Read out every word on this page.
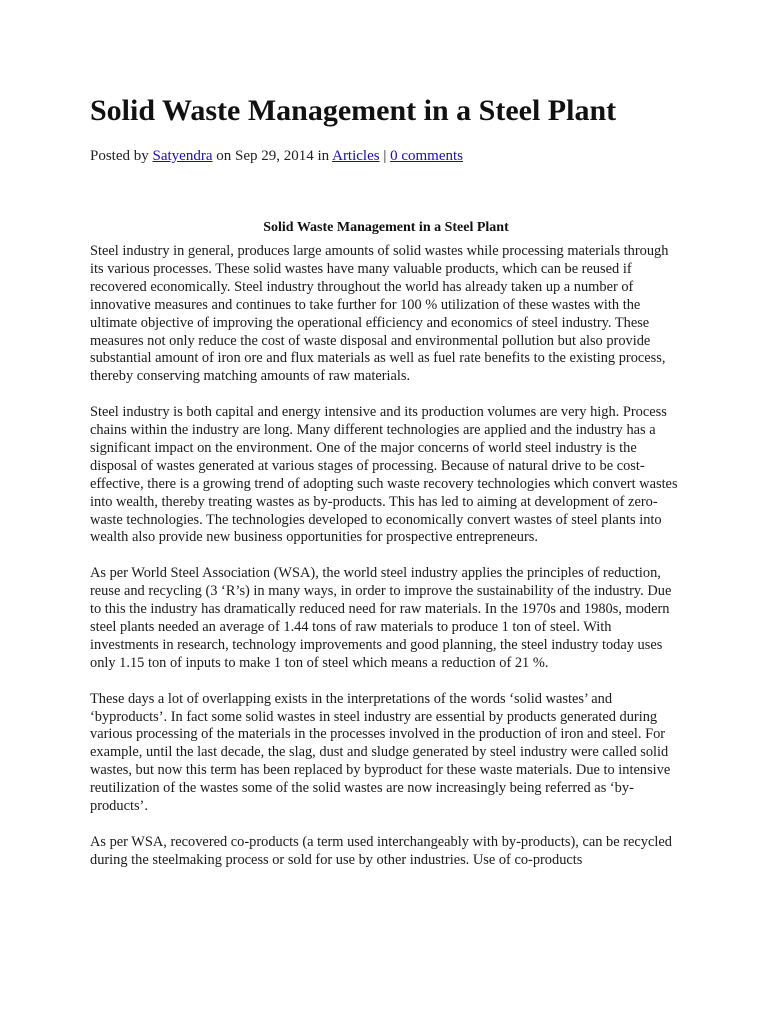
Solid Waste Management in a Steel Plant
Posted by Satyendra on Sep 29, 2014 in Articles | 0 comments
Solid Waste Management in a Steel Plant

Steel industry in general, produces large amounts of solid wastes while processing materials through its various processes. These solid wastes have many valuable products, which can be reused if recovered economically. Steel industry throughout the world has already taken up a number of innovative measures and continues to take further for 100 % utilization of these wastes with the ultimate objective of improving the operational efficiency and economics of steel industry. These measures not only reduce the cost of waste disposal and environmental pollution but also provide substantial amount of iron ore and flux materials as well as fuel rate benefits to the existing process, thereby conserving matching amounts of raw materials.

Steel industry is both capital and energy intensive and its production volumes are very high. Process chains within the industry are long. Many different technologies are applied and the industry has a significant impact on the environment. One of the major concerns of world steel industry is the disposal of wastes generated at various stages of processing. Because of natural drive to be cost-effective, there is a growing trend of adopting such waste recovery technologies which convert wastes into wealth, thereby treating wastes as by-products. This has led to aiming at development of zero-waste technologies. The technologies developed to economically convert wastes of steel plants into wealth also provide new business opportunities for prospective entrepreneurs.

As per World Steel Association (WSA), the world steel industry applies the principles of reduction, reuse and recycling (3 ‘R’s) in many ways, in order to improve the sustainability of the industry. Due to this the industry has dramatically reduced need for raw materials. In the 1970s and 1980s, modern steel plants needed an average of 1.44 tons of raw materials to produce 1 ton of steel. With investments in research, technology improvements and good planning, the steel industry today uses only 1.15 ton of inputs to make 1 ton of steel which means a reduction of 21 %.

These days a lot of overlapping exists in the interpretations of the words ‘solid wastes’ and ‘byproducts’. In fact some solid wastes in steel industry are essential by products generated during various processing of the materials in the processes involved in the production of iron and steel. For example, until the last decade, the slag, dust and sludge generated by steel industry were called solid wastes, but now this term has been replaced by byproduct for these waste materials. Due to intensive reutilization of the wastes some of the solid wastes are now increasingly being referred as ‘by-products’.

As per WSA, recovered co-products (a term used interchangeably with by-products), can be recycled during the steelmaking process or sold for use by other industries. Use of co-products
